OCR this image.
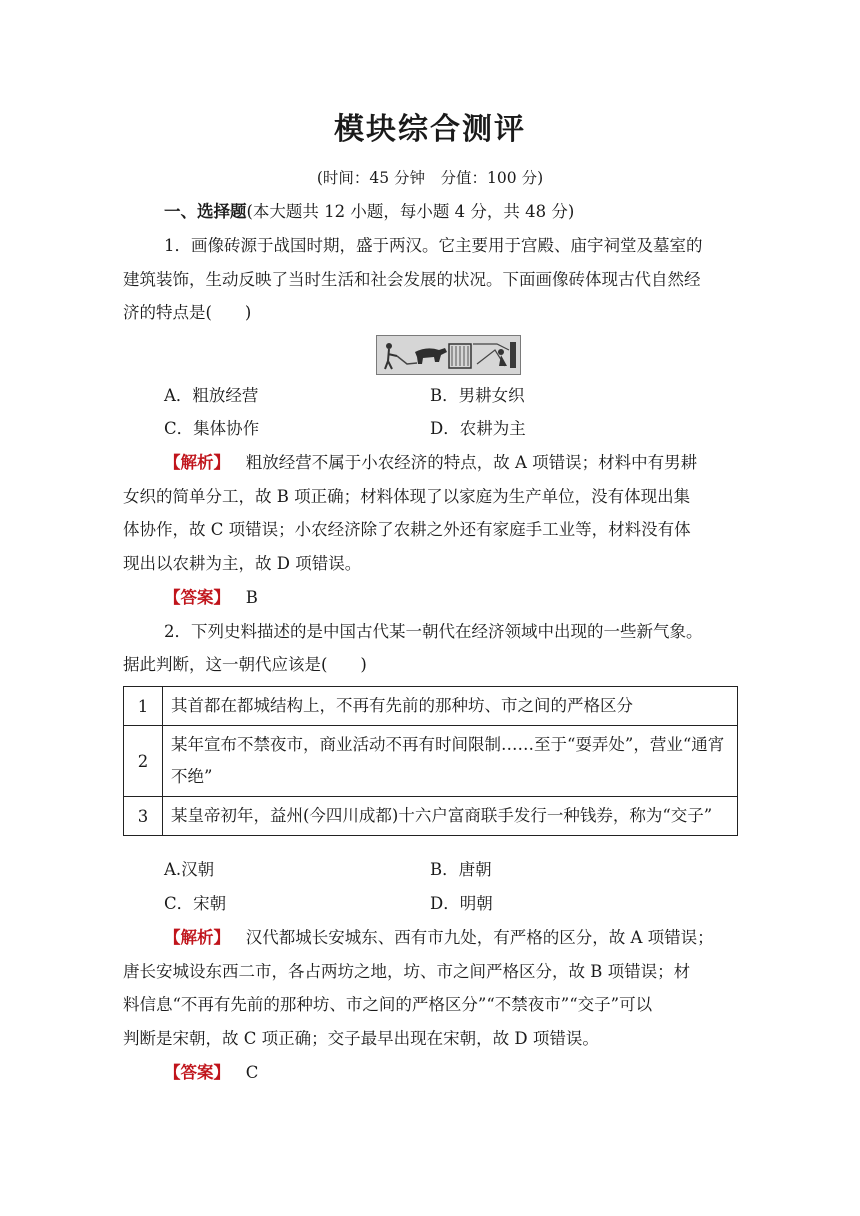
模块综合测评
(时间：45 分钟　分值：100 分)
一、选择题(本大题共 12 小题，每小题 4 分，共 48 分)
1．画像砖源于战国时期，盛于两汉。它主要用于宫殿、庙宇祠堂及墓室的
建筑装饰，生动反映了当时生活和社会发展的状况。下面画像砖体现古代自然经
济的特点是(　　)
A．粗放经营	B．男耕女织
C．集体协作	D．农耕为主
【解析】 粗放经营不属于小农经济的特点，故 A 项错误；材料中有男耕
女织的简单分工，故 B 项正确；材料体现了以家庭为生产单位，没有体现出集
体协作，故 C 项错误；小农经济除了农耕之外还有家庭手工业等，材料没有体
现出以农耕为主，故 D 项错误。
【答案】 B
2．下列史料描述的是中国古代某一朝代在经济领域中出现的一些新气象。
据此判断，这一朝代应该是(　　)
1	其首都在都城结构上，不再有先前的那种坊、市之间的严格区分
2	某年宣布不禁夜市，商业活动不再有时间限制……至于“耍弄处”，营业“通宵不绝”
3	某皇帝初年，益州(今四川成都)十六户富商联手发行一种钱券，称为“交子”
A.汉朝	B．唐朝
C．宋朝	D．明朝
【解析】 汉代都城长安城东、西有市九处，有严格的区分，故 A 项错误；
唐长安城设东西二市，各占两坊之地，坊、市之间严格区分，故 B 项错误；材
料信息“不再有先前的那种坊、市之间的严格区分”“不禁夜市”“交子”可以
判断是宋朝，故 C 项正确；交子最早出现在宋朝，故 D 项错误。
【答案】 C
